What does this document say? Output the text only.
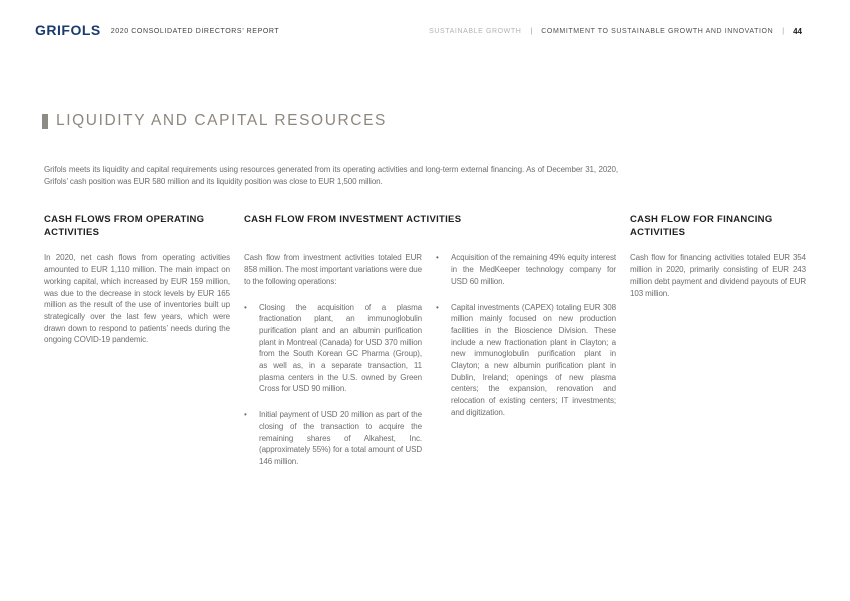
GRIFOLS 2020 CONSOLIDATED DIRECTORS’ REPORT	SUSTAINABLE GROWTH | COMMITMENT TO SUSTAINABLE GROWTH AND INNOVATION | 44
LIQUIDITY AND CAPITAL RESOURCES

Grifols meets its liquidity and capital requirements using resources generated from its operating activities and long-term external financing. As of December 31, 2020, Grifols’ cash position was EUR 580 million and its liquidity position was close to EUR 1,500 million.

CASH FLOWS FROM OPERATING ACTIVITIES
CASH FLOW FROM INVESTMENT ACTIVITIES	CASH FLOW FOR FINANCING ACTIVITIES

In 2020, net cash flows from operating activities amounted to EUR 1,110 million. The main impact on working capital, which increased by EUR 159 million, was due to the decrease in stock levels by EUR 165 million as the result of the use of inventories built up strategically over the last few years, which were drawn down to respond to patients’ needs during the ongoing COVID-19 pandemic.

Cash flow from investment activities totaled EUR 858 million. The most important variations were due to the following operations:

•	Closing the acquisition of a plasma fractionation plant, an immunoglobulin purification plant and an albumin purification plant in Montreal (Canada) for USD 370 million from the South Korean GC Pharma (Group), as well as, in a separate transaction, 11 plasma centers in the U.S. owned by Green Cross for USD 90 million.
•	Initial payment of USD 20 million as part of the closing of the transaction to acquire the remaining shares of Alkahest, Inc. (approximately 55%) for a total amount of USD 146 million.
•	Acquisition of the remaining 49% equity interest in the MedKeeper technology company for USD 60 million.
•	Capital investments (CAPEX) totaling EUR 308 million mainly focused on new production facilities in the Bioscience Division. These include a new fractionation plant in Clayton; a new immunoglobulin purification plant in Clayton; a new albumin purification plant in Dublin, Ireland; openings of new plasma centers; the expansion, renovation and relocation of existing centers; IT investments; and digitization.

Cash flow for financing activities totaled EUR 354 million in 2020, primarily consisting of EUR 243 million debt payment and dividend payouts of EUR 103 million.
